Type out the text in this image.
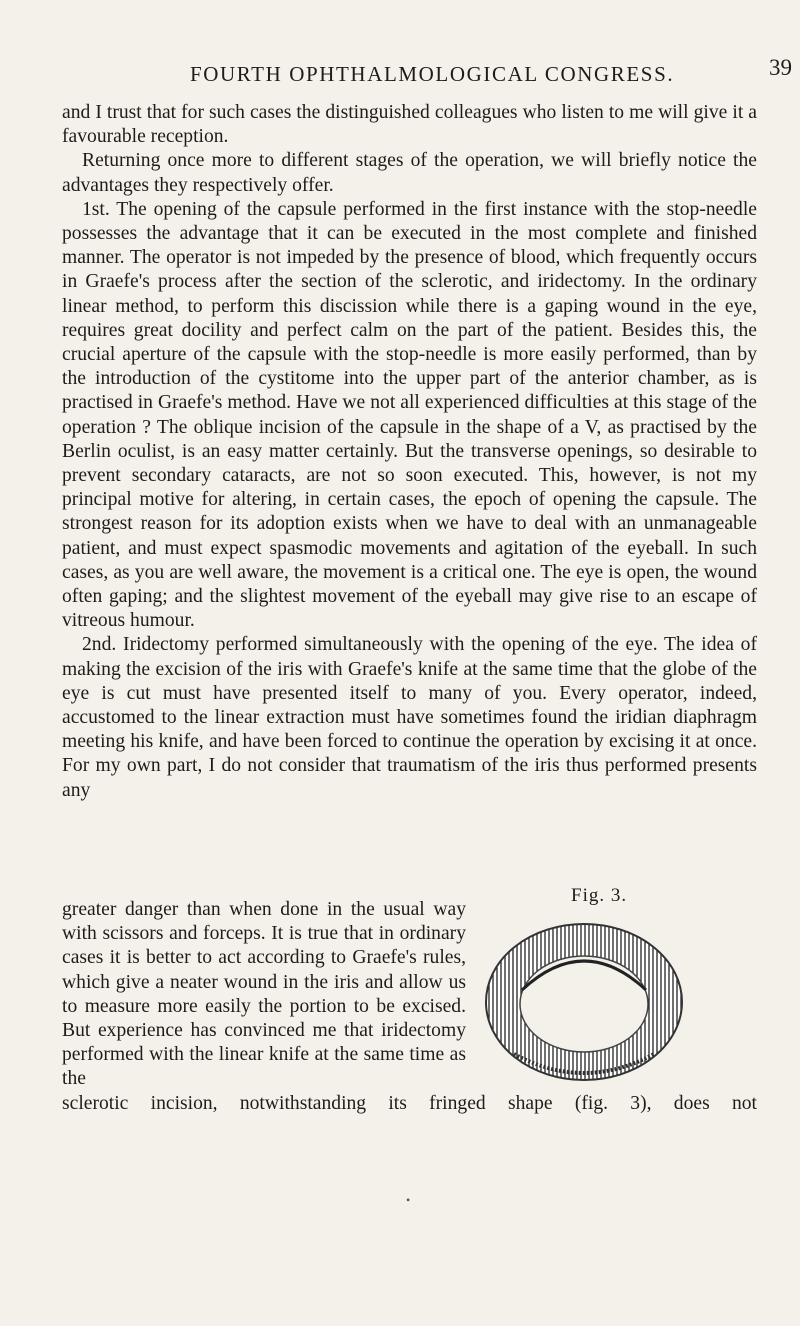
FOURTH OPHTHALMOLOGICAL CONGRESS.	39

and I trust that for such cases the distinguished colleagues who listen to me will give it a favourable reception.

Returning once more to different stages of the operation, we will briefly notice the advantages they respectively offer.

1st. The opening of the capsule performed in the first instance with the stop-needle possesses the advantage that it can be executed in the most complete and finished manner. The operator is not impeded by the presence of blood, which frequently occurs in Graefe's process after the section of the sclerotic, and iridectomy. In the ordinary linear method, to perform this discission while there is a gaping wound in the eye, requires great docility and perfect calm on the part of the patient. Besides this, the crucial aperture of the capsule with the stop-needle is more easily performed, than by the introduction of the cystitome into the upper part of the anterior chamber, as is practised in Graefe's method. Have we not all experienced difficulties at this stage of the operation ? The oblique incision of the capsule in the shape of a V, as practised by the Berlin oculist, is an easy matter certainly. But the transverse openings, so desirable to prevent secondary cataracts, are not so soon executed. This, however, is not my principal motive for altering, in certain cases, the epoch of opening the capsule. The strongest reason for its adoption exists when we have to deal with an unmanageable patient, and must expect spasmodic movements and agitation of the eyeball. In such cases, as you are well aware, the movement is a critical one. The eye is open, the wound often gaping; and the slightest movement of the eyeball may give rise to an escape of vitreous humour.

2nd. Iridectomy performed simultaneously with the opening of the eye. The idea of making the excision of the iris with Graefe's knife at the same time that the globe of the eye is cut must have presented itself to many of you. Every operator, indeed, accustomed to the linear extraction must have sometimes found the iridian diaphragm meeting his knife, and have been forced to continue the operation by excising it at once. For my own part, I do not consider that traumatism of the iris thus performed presents any

greater danger than when done in the usual way with scissors and forceps. It is true that in ordinary cases it is better to act according to Graefe's rules, which give a neater wound in the iris and allow us to measure more easily the portion to be excised. But experience has convinced me that iridectomy performed with the linear knife at the same time as the
Fig. 3.
sclerotic incision, notwithstanding its fringed shape (fig. 3), does not
•
